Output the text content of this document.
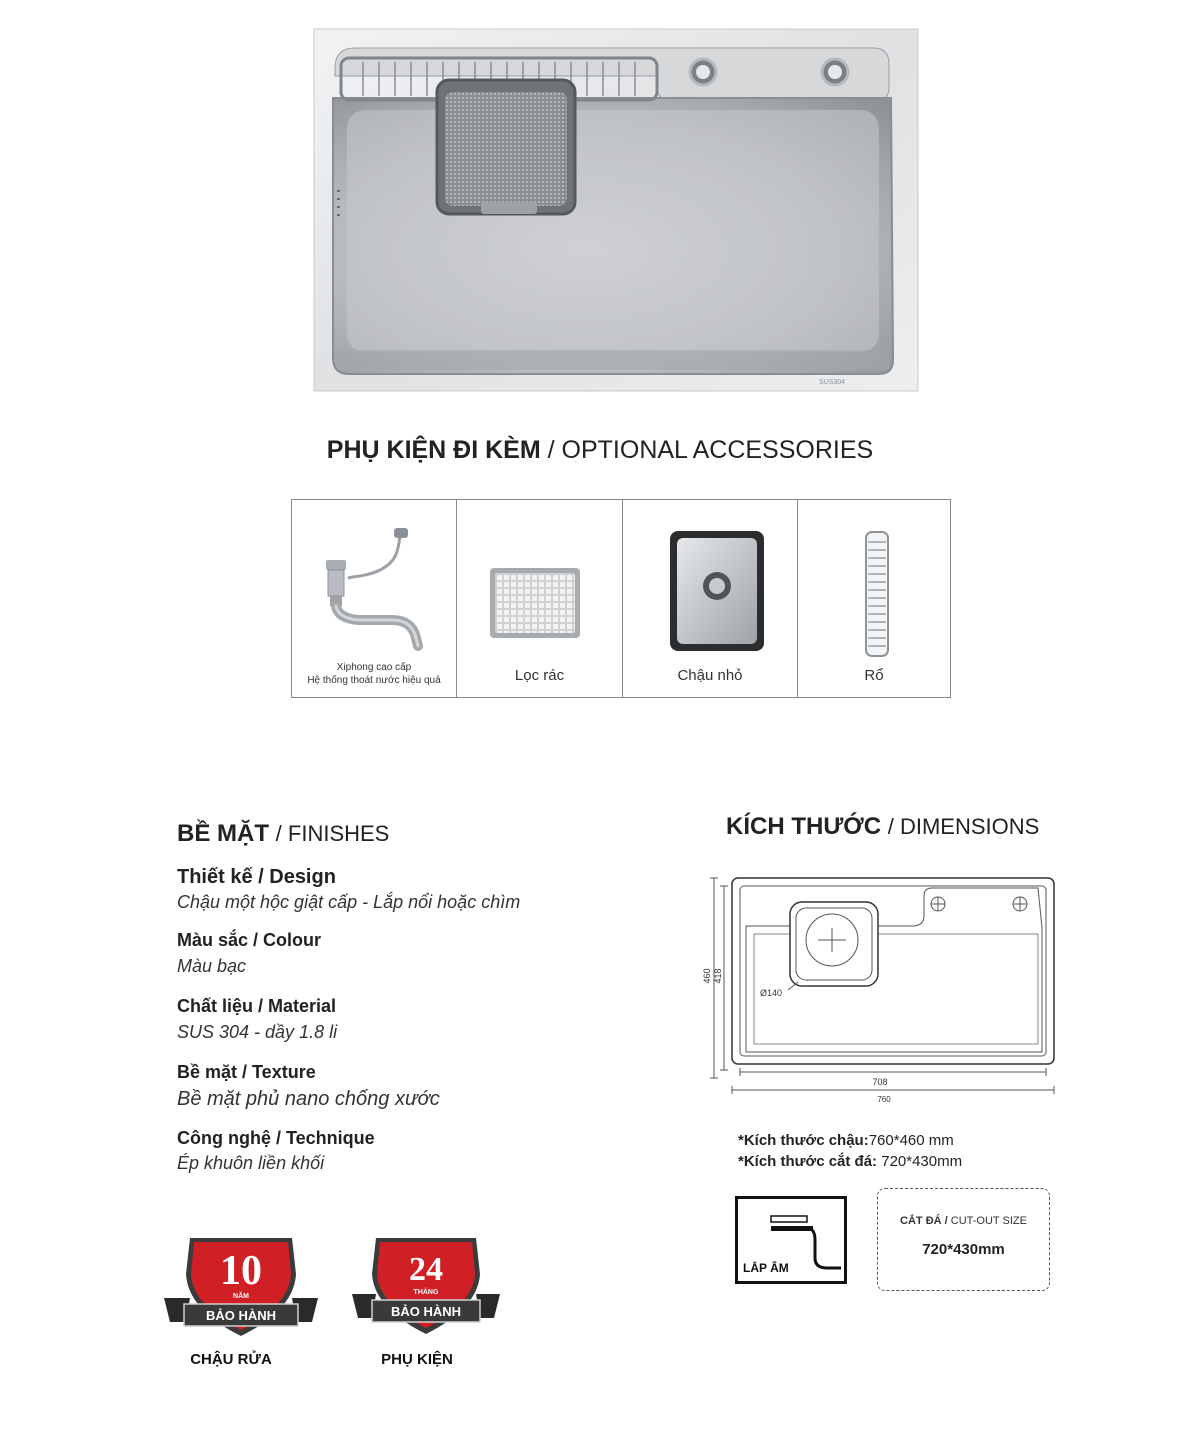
SUS304
PHỤ KIỆN ĐI KÈM / OPTIONAL ACCESSORIES
Xiphong cao cấp
Hệ thống thoát nước hiệu quả	Lọc rác	Chậu nhỏ	Rổ
BỀ MẶT / FINISHES
Thiết kế / Design
Chậu một hộc giật cấp - Lắp nổi hoặc chìm
Màu sắc / Colour
Màu bạc
Chất liệu / Material
SUS 304 - dầy 1.8 li
Bề mặt / Texture
Bề mặt phủ nano chống xước
Công nghệ / Technique
Ép khuôn liền khối
10
NĂM
BẢO HÀNH
CHẬU RỬA
24
THÁNG
BẢO HÀNH
PHỤ KIỆN
KÍCH THƯỚC / DIMENSIONS
460 418
708
760
Ø140
*Kích thước chậu:760*460 mm
*Kích thước cắt đá: 720*430mm
LẮP ÂM
CẮT ĐÁ / CUT-OUT SIZE
720*430mm
